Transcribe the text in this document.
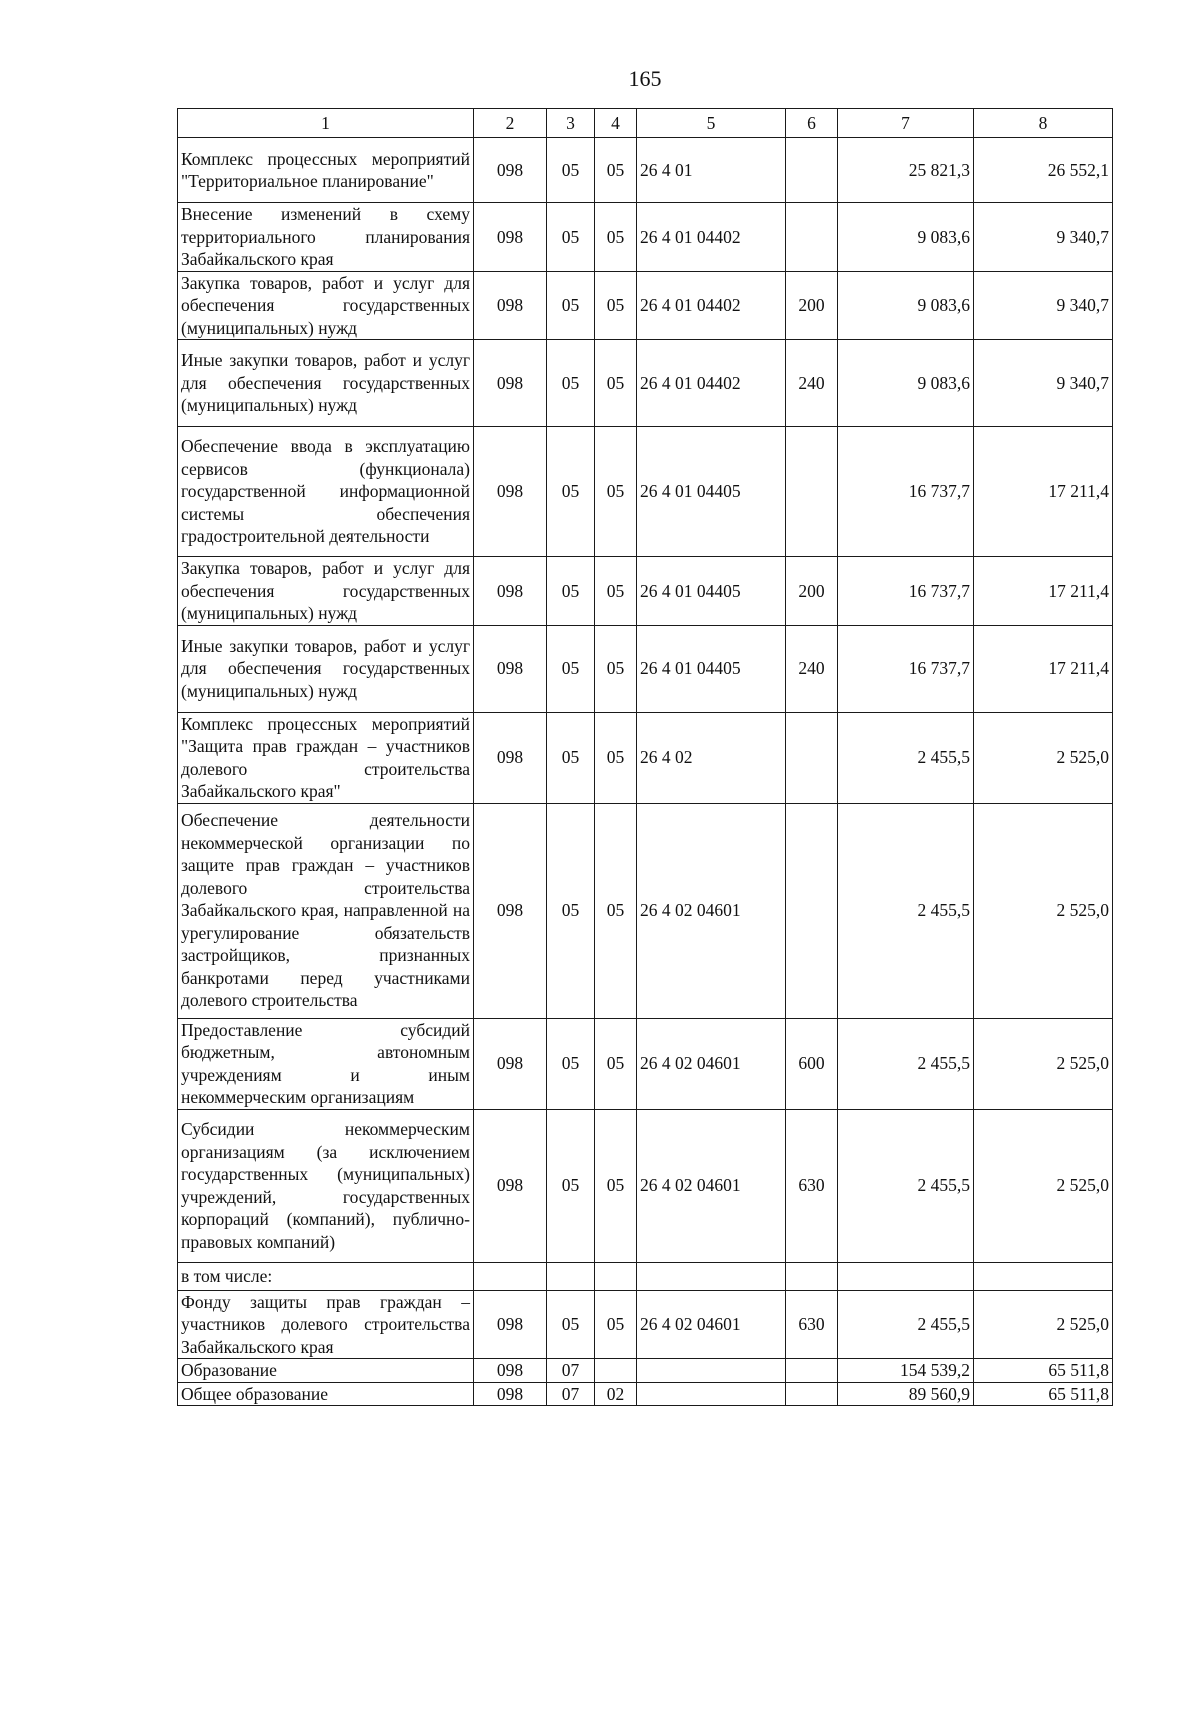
165
1	2	3	4	5	6	7	8
Комплекс процессных мероприятий "Территориальное планирование"	098	05	05	26 4 01		25 821,3	26 552,1
Внесение изменений в схему территориального планирования Забайкальского края	098	05	05	26 4 01 04402		9 083,6	9 340,7
Закупка товаров, работ и услуг для обеспечения государственных (муниципальных) нужд	098	05	05	26 4 01 04402	200	9 083,6	9 340,7
Иные закупки товаров, работ и услуг для обеспечения государственных (муниципальных) нужд	098	05	05	26 4 01 04402	240	9 083,6	9 340,7
Обеспечение ввода в эксплуатацию сервисов (функционала) государственной информационной системы обеспечения градостроительной деятельности	098	05	05	26 4 01 04405		16 737,7	17 211,4
Закупка товаров, работ и услуг для обеспечения государственных (муниципальных) нужд	098	05	05	26 4 01 04405	200	16 737,7	17 211,4
Иные закупки товаров, работ и услуг для обеспечения государственных (муниципальных) нужд	098	05	05	26 4 01 04405	240	16 737,7	17 211,4
Комплекс процессных мероприятий "Защита прав граждан – участников долевого строительства Забайкальского края"	098	05	05	26 4 02		2 455,5	2 525,0
Обеспечение деятельности некоммерческой организации по защите прав граждан – участников долевого строительства Забайкальского края, направленной на урегулирование обязательств застройщиков, признанных банкротами перед участниками долевого строительства	098	05	05	26 4 02 04601		2 455,5	2 525,0
Предоставление субсидий бюджетным, автономным учреждениям и иным некоммерческим организациям	098	05	05	26 4 02 04601	600	2 455,5	2 525,0
Субсидии некоммерческим организациям (за исключением государственных (муниципальных) учреждений, государственных корпораций (компаний), публично-правовых компаний)	098	05	05	26 4 02 04601	630	2 455,5	2 525,0
в том числе:							
Фонду защиты прав граждан – участников долевого строительства Забайкальского края	098	05	05	26 4 02 04601	630	2 455,5	2 525,0
Образование	098	07				154 539,2	65 511,8
Общее образование	098	07	02			89 560,9	65 511,8
